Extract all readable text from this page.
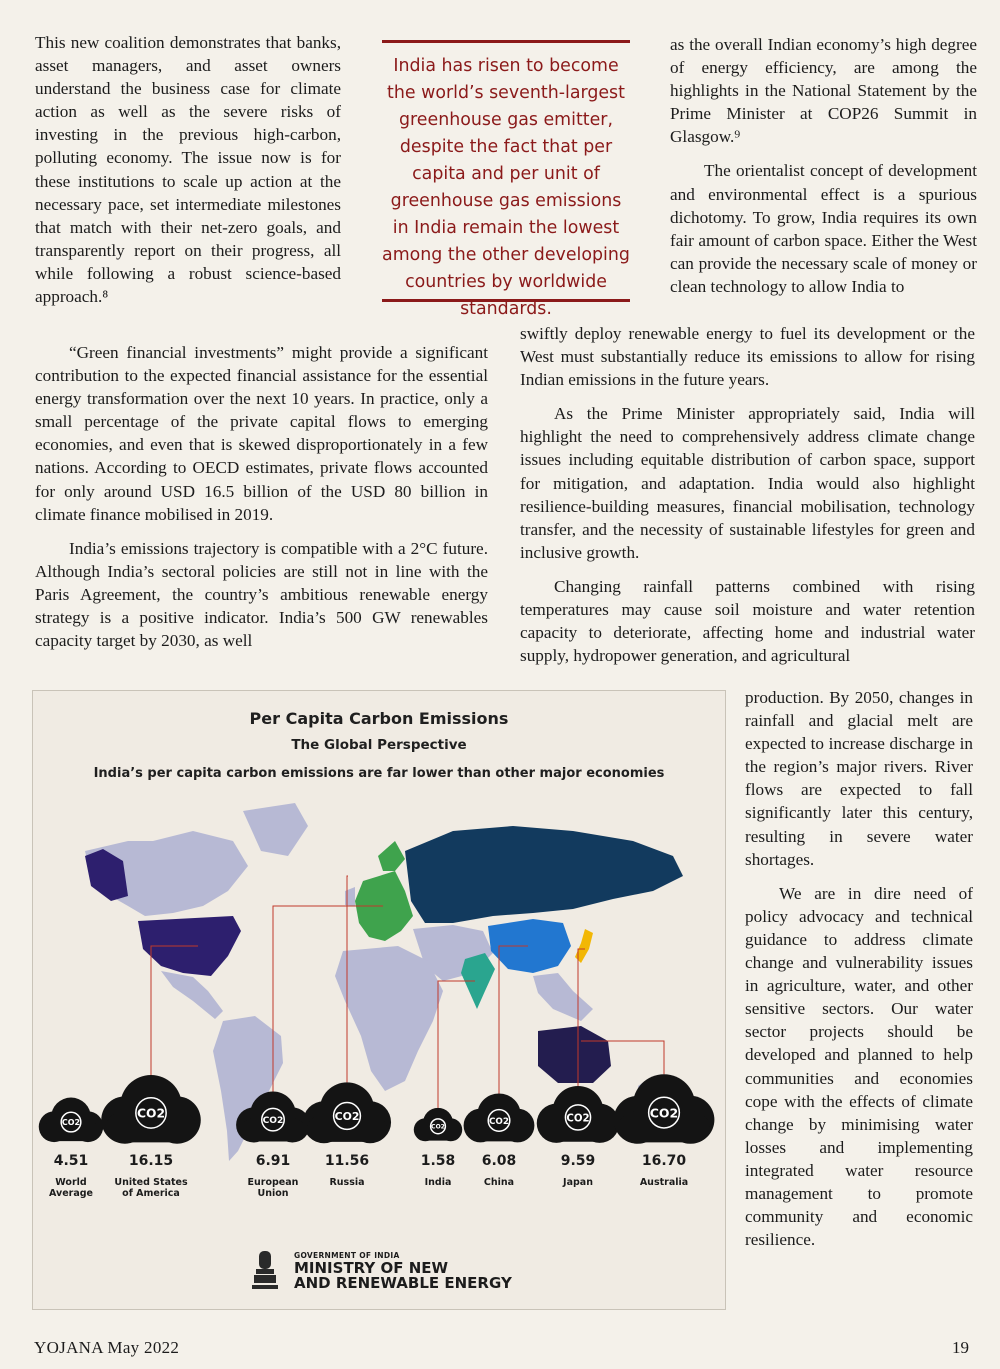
This new coalition demonstrates that banks, asset managers, and asset owners understand the business case for climate action as well as the severe risks of investing in the previous high-carbon, polluting economy. The issue now is for these institutions to scale up action at the necessary pace, set intermediate milestones that match with their net-zero goals, and transparently report on their progress, all while following a robust science-based approach.⁸

India has risen to become the world’s seventh-largest greenhouse gas emitter, despite the fact that per capita and per unit of greenhouse gas emissions in India remain the lowest among the other developing countries by worldwide standards.

“Green financial investments” might provide a significant contribution to the expected financial assistance for the essential energy transformation over the next 10 years. In practice, only a small percentage of the private capital flows to emerging economies, and even that is skewed disproportionately in a few nations. According to OECD estimates, private flows accounted for only around USD 16.5 billion of the USD 80 billion in climate finance mobilised in 2019.

India’s emissions trajectory is compatible with a 2°C future. Although India’s sectoral policies are still not in line with the Paris Agreement, the country’s ambitious renewable energy strategy is a positive indicator. India’s 500 GW renewables capacity target by 2030, as well

as the overall Indian economy’s high degree of energy efficiency, are among the highlights in the National Statement by the Prime Minister at COP26 Summit in Glasgow.⁹

The orientalist concept of development and environmental effect is a spurious dichotomy. To grow, India requires its own fair amount of carbon space. Either the West can provide the necessary scale of money or clean technology to allow India to

swiftly deploy renewable energy to fuel its development or the West must substantially reduce its emissions to allow for rising Indian emissions in the future years.

As the Prime Minister appropriately said, India will highlight the need to comprehensively address climate change issues including equitable distribution of carbon space, support for mitigation, and adaptation. India would also highlight resilience-building measures, financial mobilisation, technology transfer, and the necessity of sustainable lifestyles for green and inclusive growth.

Changing rainfall patterns combined with rising temperatures may cause soil moisture and water retention capacity to deteriorate, affecting home and industrial water supply, hydropower generation, and agricultural

production. By 2050, changes in rainfall and glacial melt are expected to increase discharge in the region’s major rivers. River flows are expected to fall significantly later this century, resulting in severe water shortages.

We are in dire need of policy advocacy and technical guidance to address climate change and vulnerability issues in agriculture, water, and other sensitive sectors. Our water sector projects should be developed and planned to help communities and economies cope with the effects of climate change by minimising water losses and implementing integrated water resource management to promote community and economic resilience.

CO2
4.51
World
Average
CO2
16.15
United States
of America
CO2
6.91
European
Union
CO2
11.56
Russia
CO2
1.58
India
CO2
6.08
China
CO2
9.59
Japan
CO2
16.70
Australia
Per Capita Carbon Emissions
The Global Perspective
India’s per capita carbon emissions are far lower than other major economies
GOVERNMENT OF INDIA
MINISTRY OF NEW
AND RENEWABLE ENERGY
YOJANA May 2022	19
